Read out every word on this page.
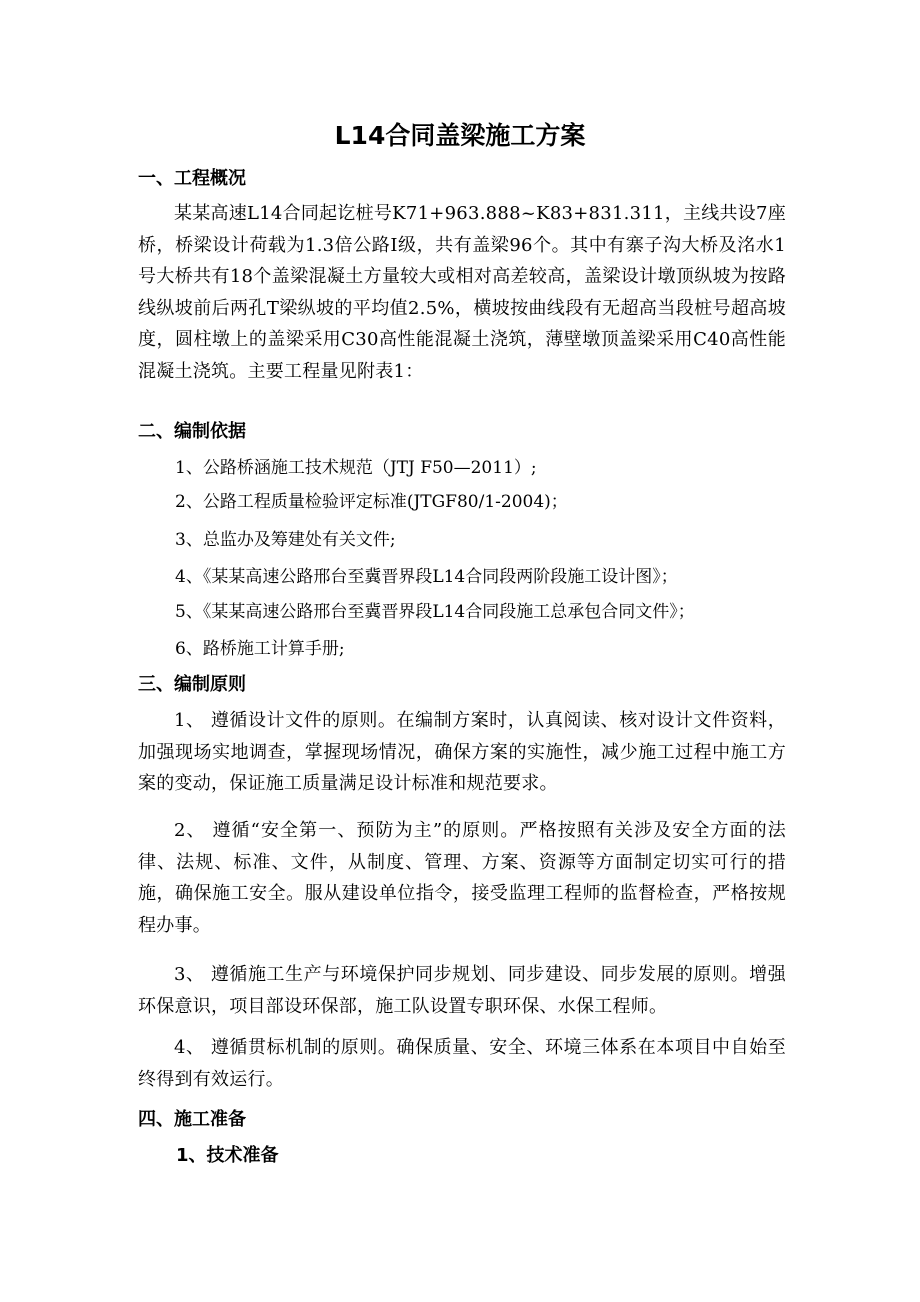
L14合同盖梁施工方案
一、工程概况

某某高速L14合同起讫桩号K71+963.888~K83+831.311，主线共设7座桥，桥梁设计荷载为1.3倍公路Ⅰ级，共有盖梁96个。其中有寨子沟大桥及洺水1号大桥共有18个盖梁混凝土方量较大或相对高差较高，盖梁设计墩顶纵坡为按路线纵坡前后两孔T梁纵坡的平均值2.5%，横坡按曲线段有无超高当段桩号超高坡度，圆柱墩上的盖梁采用C30高性能混凝土浇筑，薄壁墩顶盖梁采用C40高性能混凝土浇筑。主要工程量见附表1：

二、编制依据
1、公路桥涵施工技术规范（JTJ F50—2011）;
2、公路工程质量检验评定标准(JTGF80/1-2004)；
3、总监办及筹建处有关文件;
4、《某某高速公路邢台至冀晋界段L14合同段两阶段施工设计图》；
5、《某某高速公路邢台至冀晋界段L14合同段施工总承包合同文件》；
6、路桥施工计算手册;
三、编制原则

1、 遵循设计文件的原则。在编制方案时，认真阅读、核对设计文件资料，加强现场实地调查，掌握现场情况，确保方案的实施性，减少施工过程中施工方案的变动，保证施工质量满足设计标准和规范要求。

2、 遵循“安全第一、预防为主”的原则。严格按照有关涉及安全方面的法律、法规、标准、文件，从制度、管理、方案、资源等方面制定切实可行的措施，确保施工安全。服从建设单位指令，接受监理工程师的监督检查，严格按规程办事。

3、 遵循施工生产与环境保护同步规划、同步建设、同步发展的原则。增强环保意识，项目部设环保部，施工队设置专职环保、水保工程师。

4、 遵循贯标机制的原则。确保质量、安全、环境三体系在本项目中自始至终得到有效运行。

四、施工准备
1、技术准备
